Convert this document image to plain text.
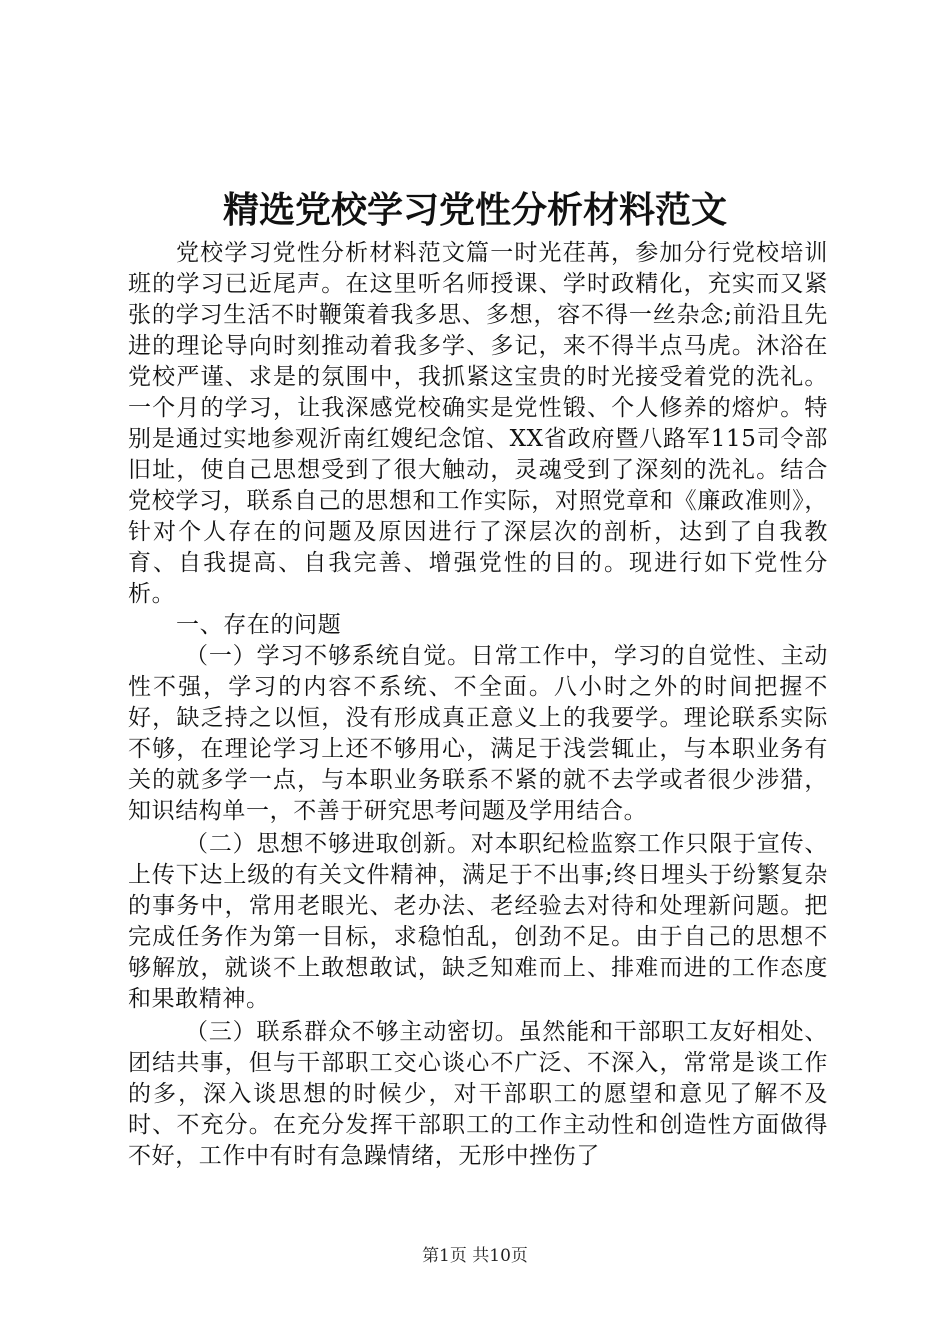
精选党校学习党性分析材料范文

党校学习党性分析材料范文篇一时光荏苒，参加分行党校培训班的学习已近尾声。在这里听名师授课、学时政精化，充实而又紧张的学习生活不时鞭策着我多思、多想，容不得一丝杂念;前沿且先进的理论导向时刻推动着我多学、多记，来不得半点马虎。沐浴在党校严谨、求是的氛围中，我抓紧这宝贵的时光接受着党的洗礼。一个月的学习，让我深感党校确实是党性锻、个人修养的熔炉。特别是通过实地参观沂南红嫂纪念馆、XX省政府暨八路军115司令部旧址，使自己思想受到了很大触动，灵魂受到了深刻的洗礼。结合党校学习，联系自己的思想和工作实际，对照党章和《廉政准则》，针对个人存在的问题及原因进行了深层次的剖析，达到了自我教育、自我提高、自我完善、增强党性的目的。现进行如下党性分析。

一、存在的问题

（一）学习不够系统自觉。日常工作中，学习的自觉性、主动性不强，学习的内容不系统、不全面。八小时之外的时间把握不好，缺乏持之以恒，没有形成真正意义上的我要学。理论联系实际不够，在理论学习上还不够用心，满足于浅尝辄止，与本职业务有关的就多学一点，与本职业务联系不紧的就不去学或者很少涉猎，知识结构单一，不善于研究思考问题及学用结合。

（二）思想不够进取创新。对本职纪检监察工作只限于宣传、上传下达上级的有关文件精神，满足于不出事;终日埋头于纷繁复杂的事务中，常用老眼光、老办法、老经验去对待和处理新问题。把完成任务作为第一目标，求稳怕乱，创劲不足。由于自己的思想不够解放，就谈不上敢想敢试，缺乏知难而上、排难而进的工作态度和果敢精神。

（三）联系群众不够主动密切。虽然能和干部职工友好相处、团结共事，但与干部职工交心谈心不广泛、不深入，常常是谈工作的多，深入谈思想的时候少，对干部职工的愿望和意见了解不及时、不充分。在充分发挥干部职工的工作主动性和创造性方面做得不好，工作中有时有急躁情绪，无形中挫伤了

第1页 共10页
